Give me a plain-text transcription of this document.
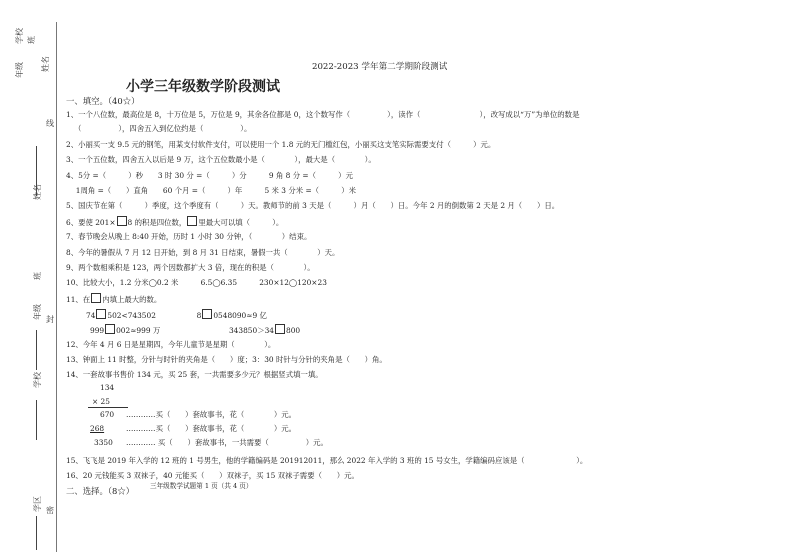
学校
年级
班
姓名
线
姓名
年级
班
封
学校
学区 密
2022-2023 学年第二学期阶段测试
小学三年级数学阶段测试
一、填空。（40☆）
1、一个八位数，最高位是 8，十万位是 5，万位是 9，其余各位都是 0，这个数写作（　　　　　），读作（　　　　　　　　），改写成以“万”为单位的数是
（　　　　　），四舍五入到亿位约是（　　　　　）。
2、小丽买一支 9.5 元的钢笔，用某支付软件支付，可以使用一个 1.8 元的无门槛红包，小丽买这支笔实际需要支付（　　　）元。
3、一个五位数，四舍五入以后是 9 万，这个五位数最小是（　　　　），最大是（　　　　）。
4、5分 =（　　　）秒　　3 时 30 分 =（　　　）分　　　9 角 8 分 =（　　　）元
　 1周角 =（　　）直角　　60 个月 =（　　　）年　　　5 米 3 分米 =（　　　）米
5、国庆节在第（　　　）季度，这个季度有（　　　）天。教师节的前 3 天是（　　　）月（　　）日。今年 2 月的倒数第 2 天是 2 月（　　）日。
6、要使 201× 8 的积是四位数， 里最大可以填（　　　）。
7、春节晚会从晚上 8:40 开始，历时 1 小时 30 分钟，（　　　　）结束。
8、今年的暑假从 7 月 12 日开始，到 8 月 31 日结束，暑假一共（　　　　）天。
9、两个数相乘积是 123，两个因数都扩大 3 倍，现在的积是（　　　　）。
10、比较大小，1.2 分米◯0.2 米　　　6.5◯6.35　　　230×12◯120×23
11、在 内填上最大的数。
74 502<743502	8 0548090≈9 亿
999 002≈999 万	343850＞34 800
12、今年 4 月 6 日是星期四，今年儿童节是星期（　　　　）。
13、钟面上 11 时整，分针与时针的夹角是（　　）度；3：30 时针与分针的夹角是（　　）角。
14、一套故事书售价 134 元，买 25 套，一共需要多少元？根据竖式填一填。
134
× 25
670 …………买（　　）套故事书，花（　　　　）元。
268	…………买（　　）套故事书，花（　　　　）元。
3350 ………… 买（　　）套故事书，一共需要（　　　　　）元。
15、飞飞是 2019 年入学的 12 班的 1 号男生，他的学籍编码是 201912011，那么 2022 年入学的 3 班的 15 号女生，学籍编码应该是（　　　　　　　）。
16、20 元钱能买 3 双袜子，40 元能买（　　）双袜子，买 15 双袜子需要（　　）元。
二、选择。（8☆） 三年级数学试题第 1 页（共 4 页）
